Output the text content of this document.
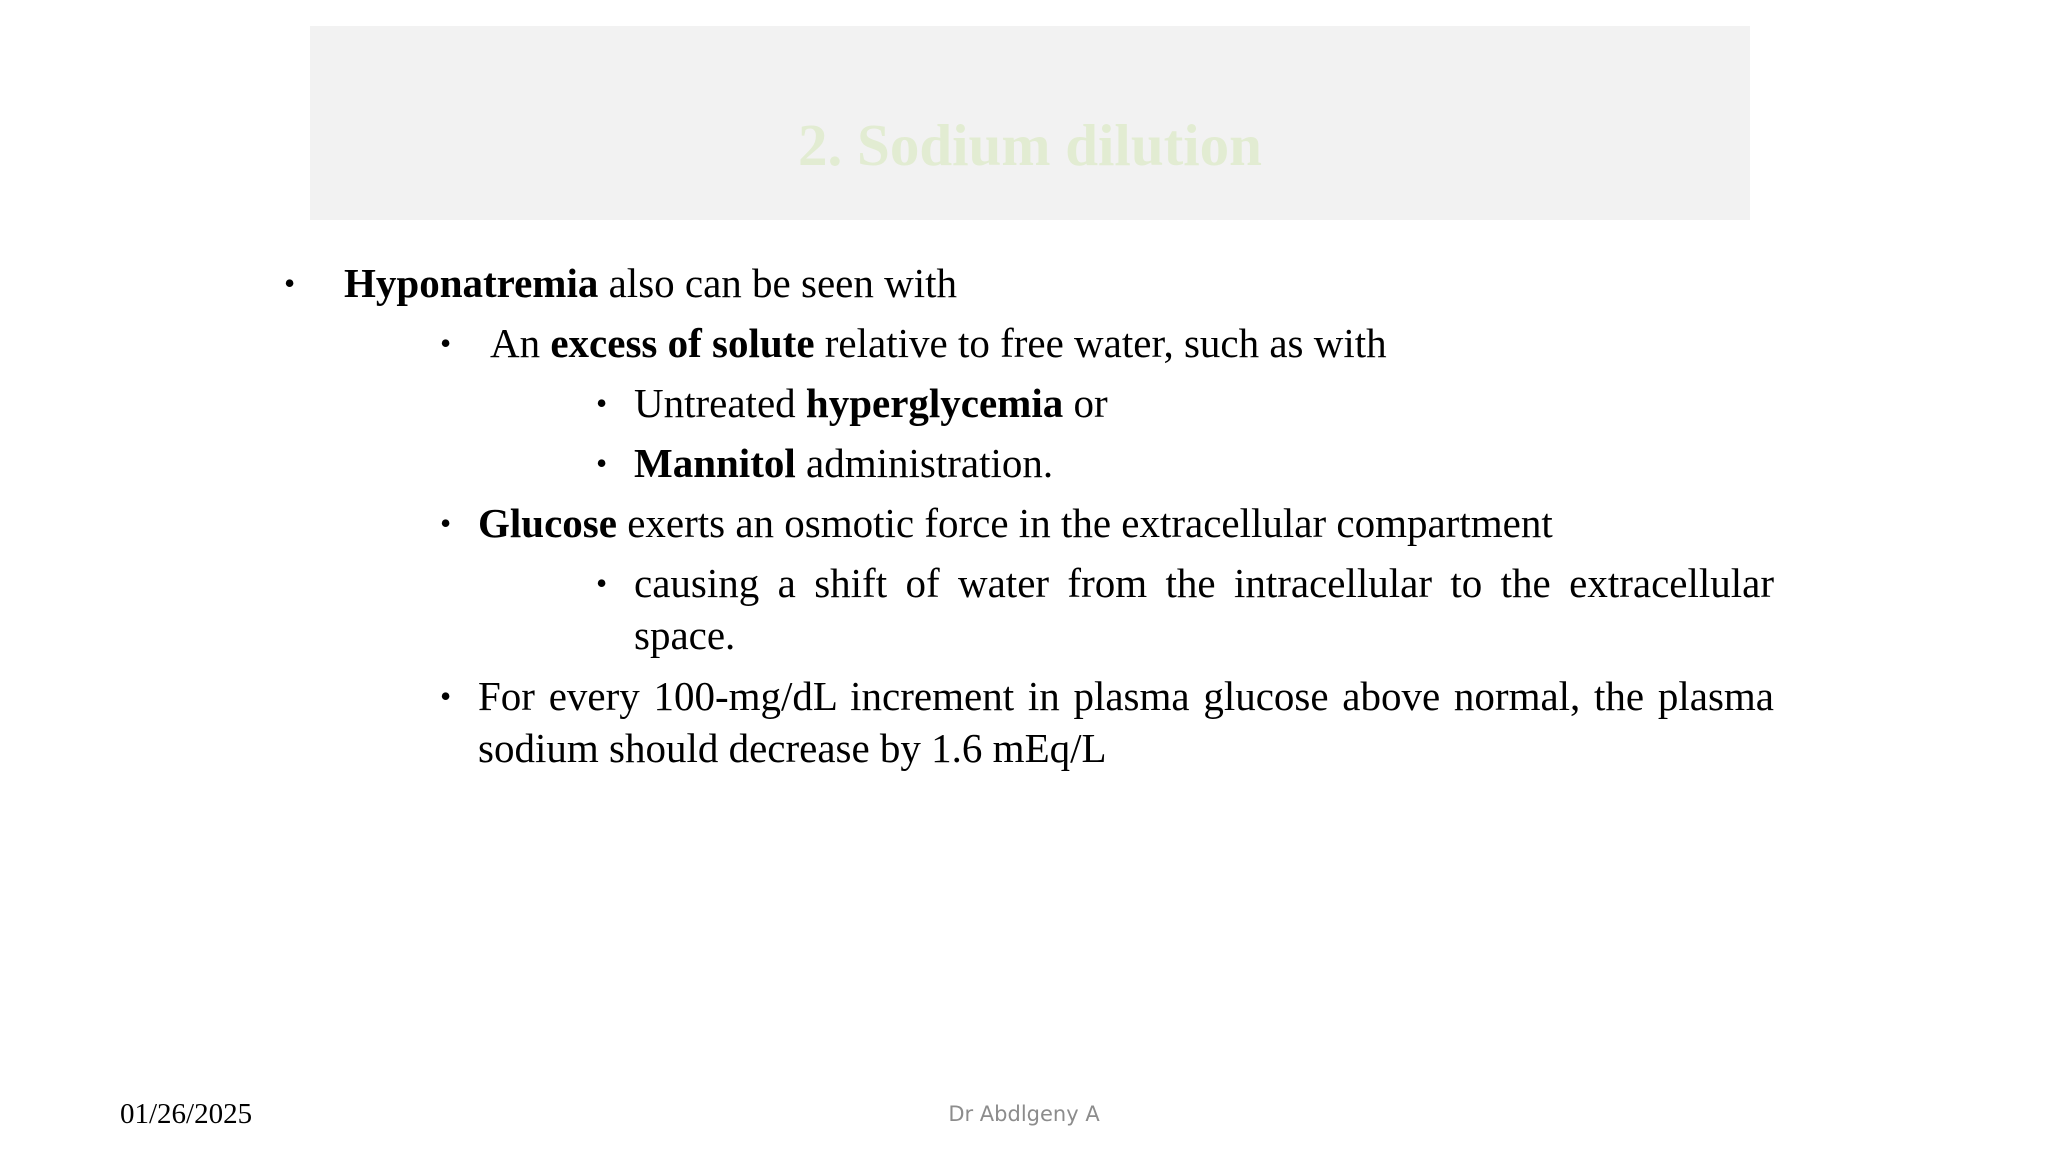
2. Sodium dilution
• Hyponatremia also can be seen with
• An excess of solute relative to free water, such as with
• Untreated hyperglycemia or
• Mannitol administration.
• Glucose exerts an osmotic force in the extracellular compartment
• causing a shift of water from the intracellular to the extracellular space.
• For every 100-mg/dL increment in plasma glucose above normal, the plasma sodium should decrease by 1.6 mEq/L
01/26/2025	Dr Abdlgeny A
